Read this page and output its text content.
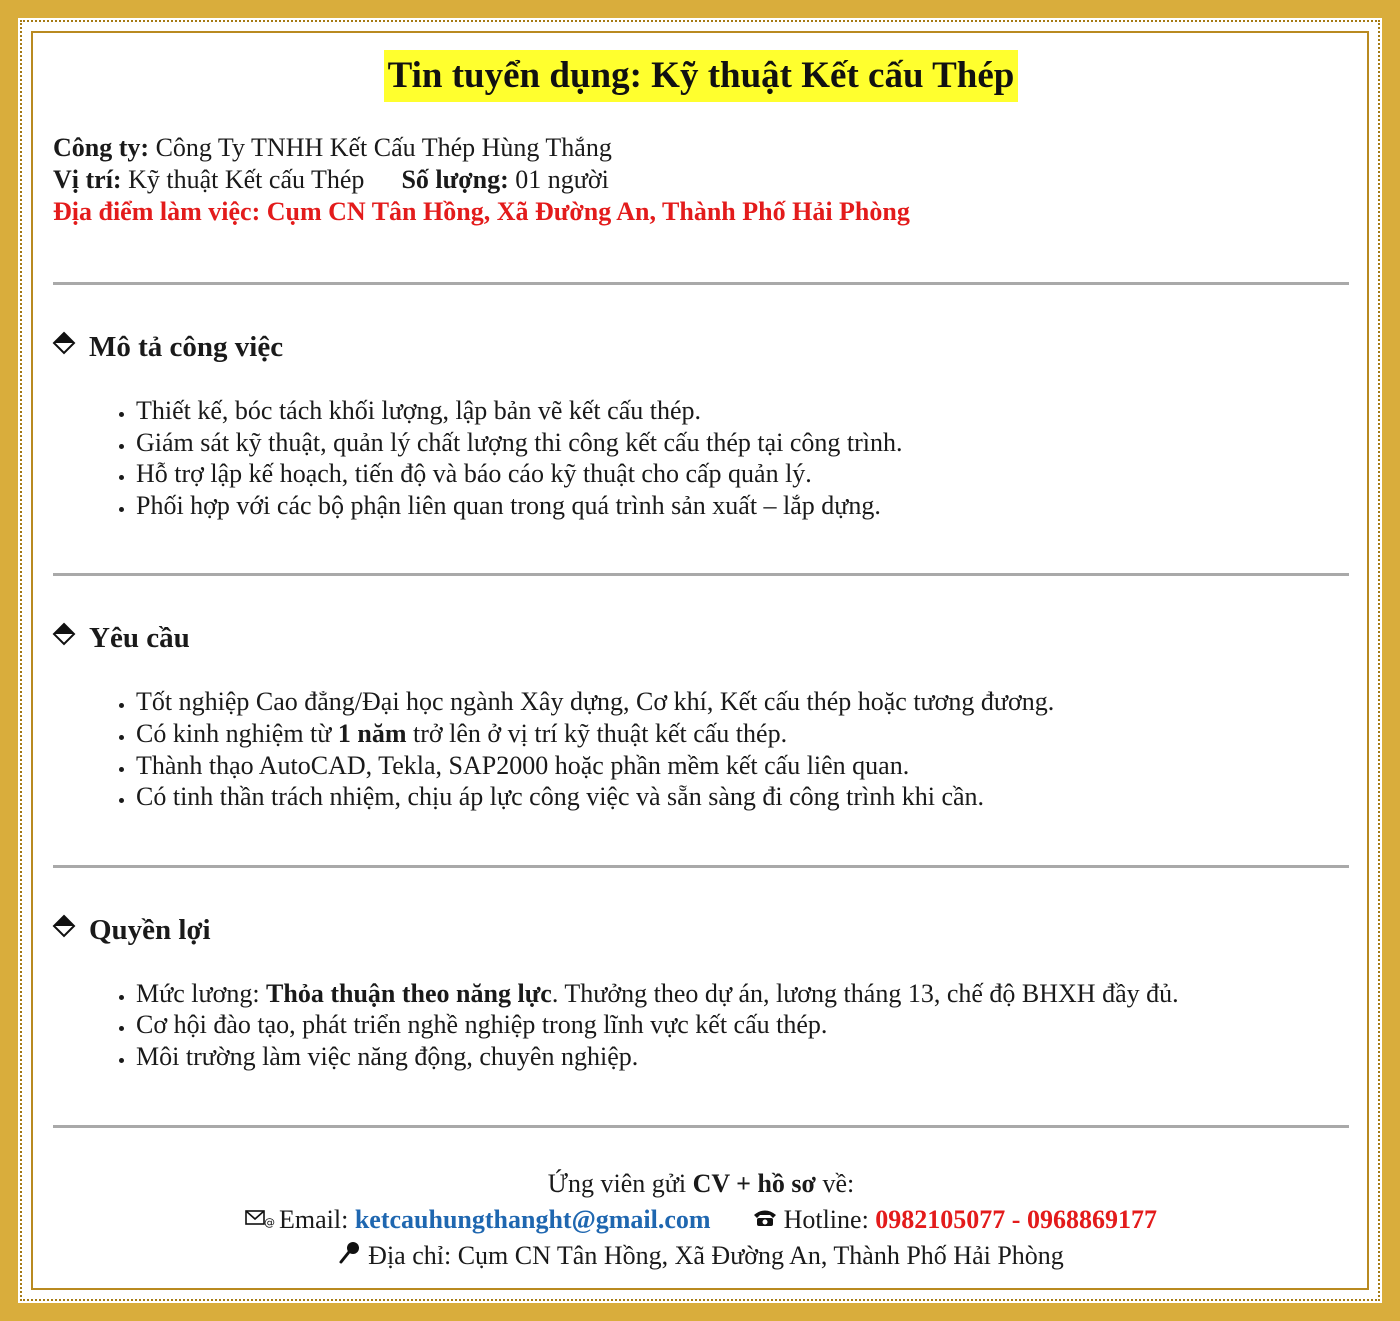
Tin tuyển dụng: Kỹ thuật Kết cấu Thép
Công ty: Công Ty TNHH Kết Cấu Thép Hùng Thắng
Vị trí: Kỹ thuật Kết cấu Thép Số lượng: 01 người
Địa điểm làm việc: Cụm CN Tân Hồng, Xã Đường An, Thành Phố Hải Phòng
Mô tả công việc
• Thiết kế, bóc tách khối lượng, lập bản vẽ kết cấu thép.
• Giám sát kỹ thuật, quản lý chất lượng thi công kết cấu thép tại công trình.
• Hỗ trợ lập kế hoạch, tiến độ và báo cáo kỹ thuật cho cấp quản lý.
• Phối hợp với các bộ phận liên quan trong quá trình sản xuất – lắp dựng.
Yêu cầu
• Tốt nghiệp Cao đẳng/Đại học ngành Xây dựng, Cơ khí, Kết cấu thép hoặc tương đương.
• Có kinh nghiệm từ 1 năm trở lên ở vị trí kỹ thuật kết cấu thép.
• Thành thạo AutoCAD, Tekla, SAP2000 hoặc phần mềm kết cấu liên quan.
• Có tinh thần trách nhiệm, chịu áp lực công việc và sẵn sàng đi công trình khi cần.
Quyền lợi
• Mức lương: Thỏa thuận theo năng lực. Thưởng theo dự án, lương tháng 13, chế độ BHXH đầy đủ.
• Cơ hội đào tạo, phát triển nghề nghiệp trong lĩnh vực kết cấu thép.
• Môi trường làm việc năng động, chuyên nghiệp.
Ứng viên gửi CV + hồ sơ về:
@ Email: ketcauhungthanght@gmail.com	Hotline: 0982105077 - 0968869177
Địa chỉ: Cụm CN Tân Hồng, Xã Đường An, Thành Phố Hải Phòng
